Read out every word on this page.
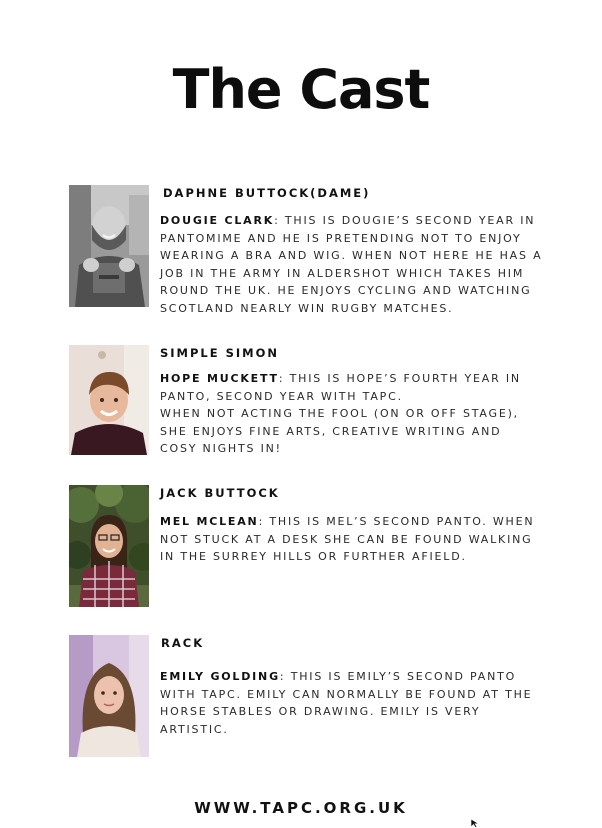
The Cast
DAPHNE BUTTOCK(DAME)
DOUGIE CLARK: THIS IS DOUGIE’S SECOND YEAR IN
PANTOMIME AND HE IS PRETENDING NOT TO ENJOY
WEARING A BRA AND WIG. WHEN NOT HERE HE HAS A
JOB IN THE ARMY IN ALDERSHOT WHICH TAKES HIM
ROUND THE UK. HE ENJOYS CYCLING AND WATCHING
SCOTLAND NEARLY WIN RUGBY MATCHES.
SIMPLE SIMON
HOPE MUCKETT: THIS IS HOPE’S FOURTH YEAR IN
PANTO, SECOND YEAR WITH TAPC.
WHEN NOT ACTING THE FOOL (ON OR OFF STAGE),
SHE ENJOYS FINE ARTS, CREATIVE WRITING AND
COSY NIGHTS IN!
JACK BUTTOCK
MEL MCLEAN: THIS IS MEL’S SECOND PANTO. WHEN
NOT STUCK AT A DESK SHE CAN BE FOUND WALKING
IN THE SURREY HILLS OR FURTHER AFIELD.
RACK
EMILY GOLDING: THIS IS EMILY’S SECOND PANTO
WITH TAPC. EMILY CAN NORMALLY BE FOUND AT THE
HORSE STABLES OR DRAWING. EMILY IS VERY
ARTISTIC.
WWW.TAPC.ORG.UK
